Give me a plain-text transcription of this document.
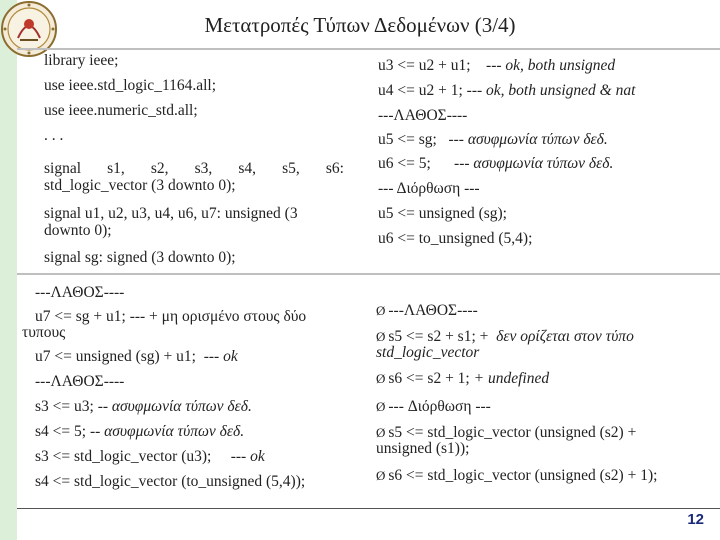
Μετατροπές Τύπων Δεδομένων (3/4)
library ieee;
use ieee.std_logic_1164.all;
use ieee.numeric_std.all;
. . .
signal s1, s2, s3, s4, s5, s6:
std_logic_vector (3 downto 0);
signal u1, u2, u3, u4, u6, u7: unsigned (3
downto 0);
signal sg: signed (3 downto 0);
u3 <= u2 + u1; --- ok, both unsigned
u4 <= u2 + 1; --- ok, both unsigned & nat
---ΛΑΘΟΣ----
u5 <= sg; --- ασυφμωνία τύπων δεδ.
u6 <= 5; --- ασυφμωνία τύπων δεδ.
--- Διόρθωση ---
u5 <= unsigned (sg);
u6 <= to_unsigned (5,4);
---ΛΑΘΟΣ----
u7 <= sg + u1; --- + μη ορισμένο στους δύο
τυπους
u7 <= unsigned (sg) + u1; --- ok
---ΛΑΘΟΣ----
s3 <= u3; -- ασυφμωνία τύπων δεδ.
s4 <= 5; -- ασυφμωνία τύπων δεδ.
s3 <= std_logic_vector (u3); --- ok
s4 <= std_logic_vector (to_unsigned (5,4));
Ø ---ΛΑΘΟΣ----
Ø s5 <= s2 + s1; + δεν ορίζεται στον τύπο
std_logic_vector
Ø s6 <= s2 + 1; + undefined
Ø --- Διόρθωση ---
Ø s5 <= std_logic_vector (unsigned (s2) +
unsigned (s1));
Ø s6 <= std_logic_vector (unsigned (s2) + 1);
12
